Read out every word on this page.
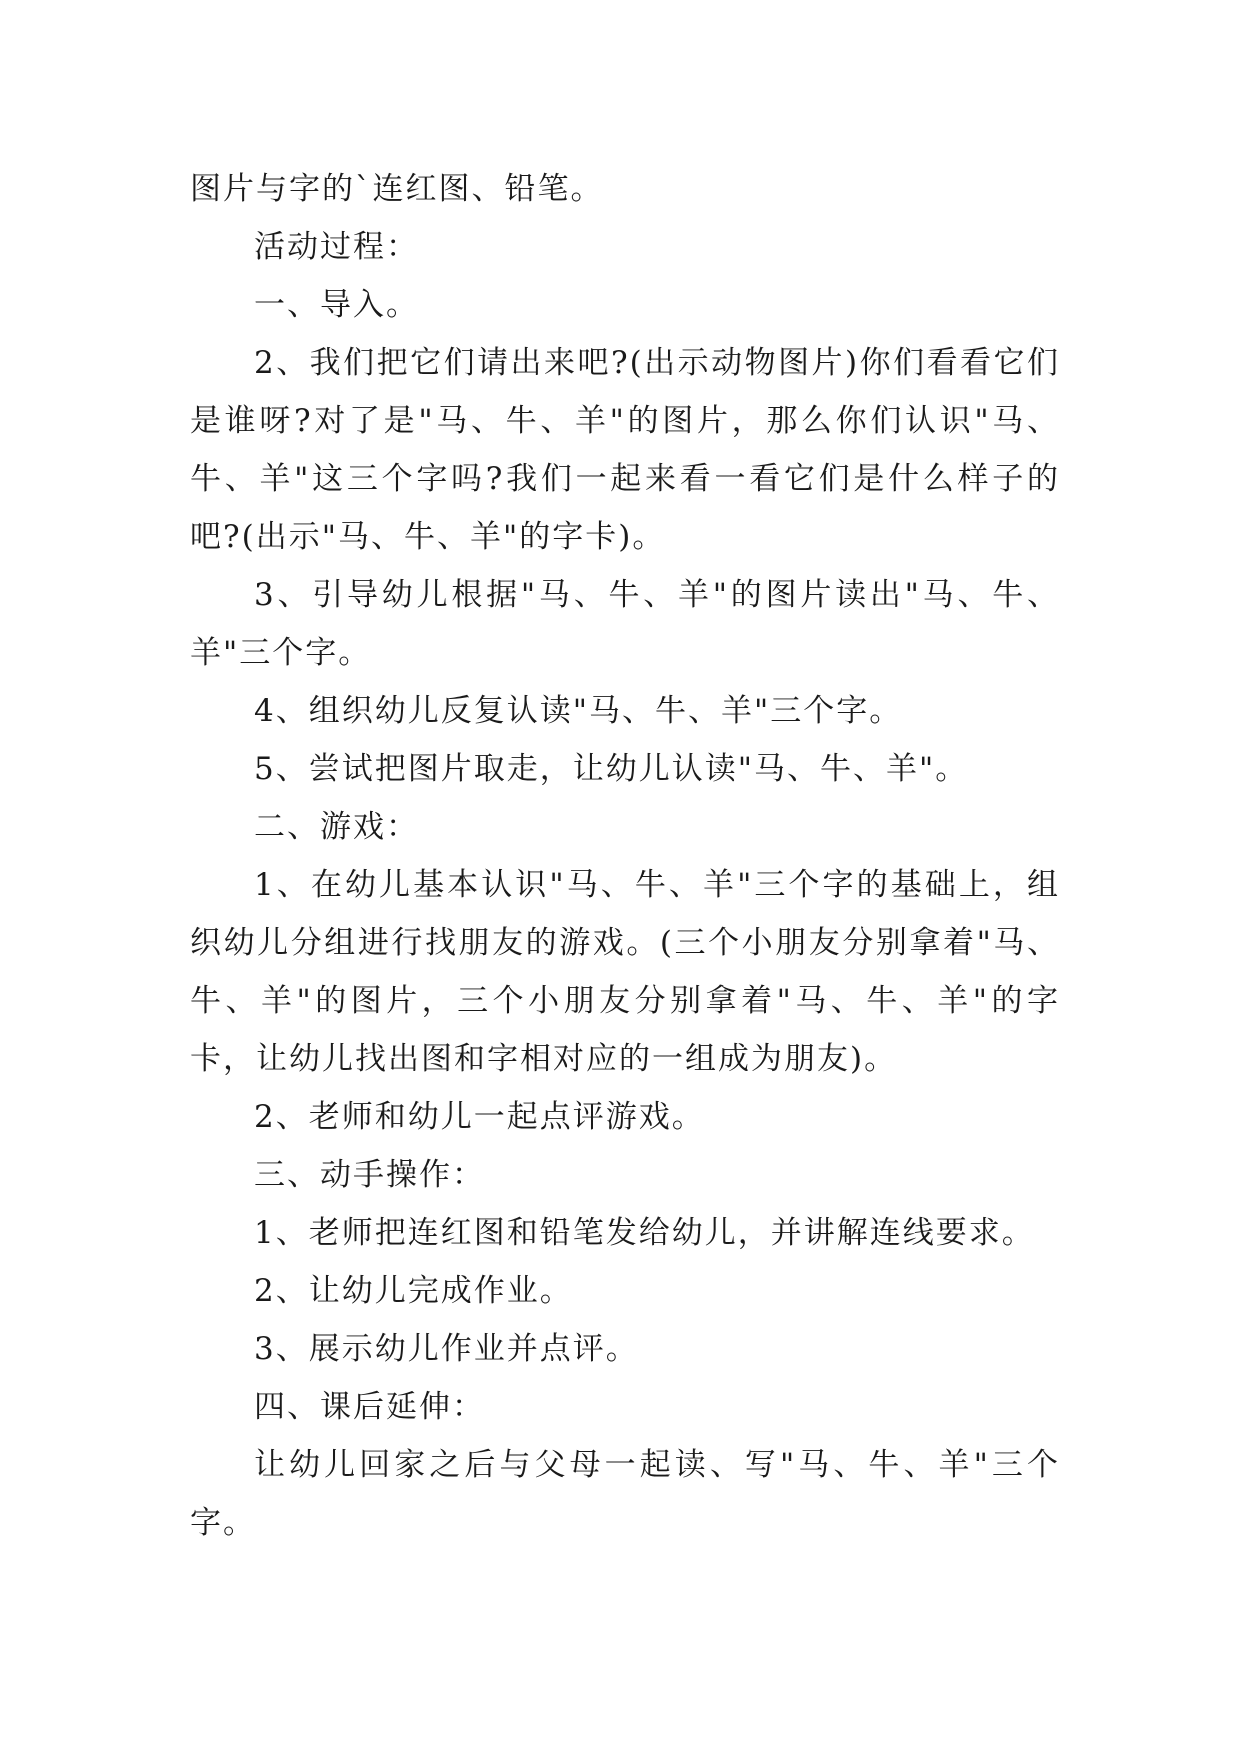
图片与字的`连红图、铅笔。

活动过程：

一、导入。

2、我们把它们请出来吧?(出示动物图片)你们看看它们是谁呀?对了是"马、牛、羊"的图片，那么你们认识"马、牛、羊"这三个字吗?我们一起来看一看它们是什么样子的吧?(出示"马、牛、羊"的字卡)。

3、引导幼儿根据"马、牛、羊"的图片读出"马、牛、羊"三个字。

4、组织幼儿反复认读"马、牛、羊"三个字。

5、尝试把图片取走，让幼儿认读"马、牛、羊"。

二、游戏：

1、在幼儿基本认识"马、牛、羊"三个字的基础上，组织幼儿分组进行找朋友的游戏。(三个小朋友分别拿着"马、牛、羊"的图片，三个小朋友分别拿着"马、牛、羊"的字卡，让幼儿找出图和字相对应的一组成为朋友)。

2、老师和幼儿一起点评游戏。

三、动手操作：

1、老师把连红图和铅笔发给幼儿，并讲解连线要求。

2、让幼儿完成作业。

3、展示幼儿作业并点评。

四、课后延伸：

让幼儿回家之后与父母一起读、写"马、牛、羊"三个字。
